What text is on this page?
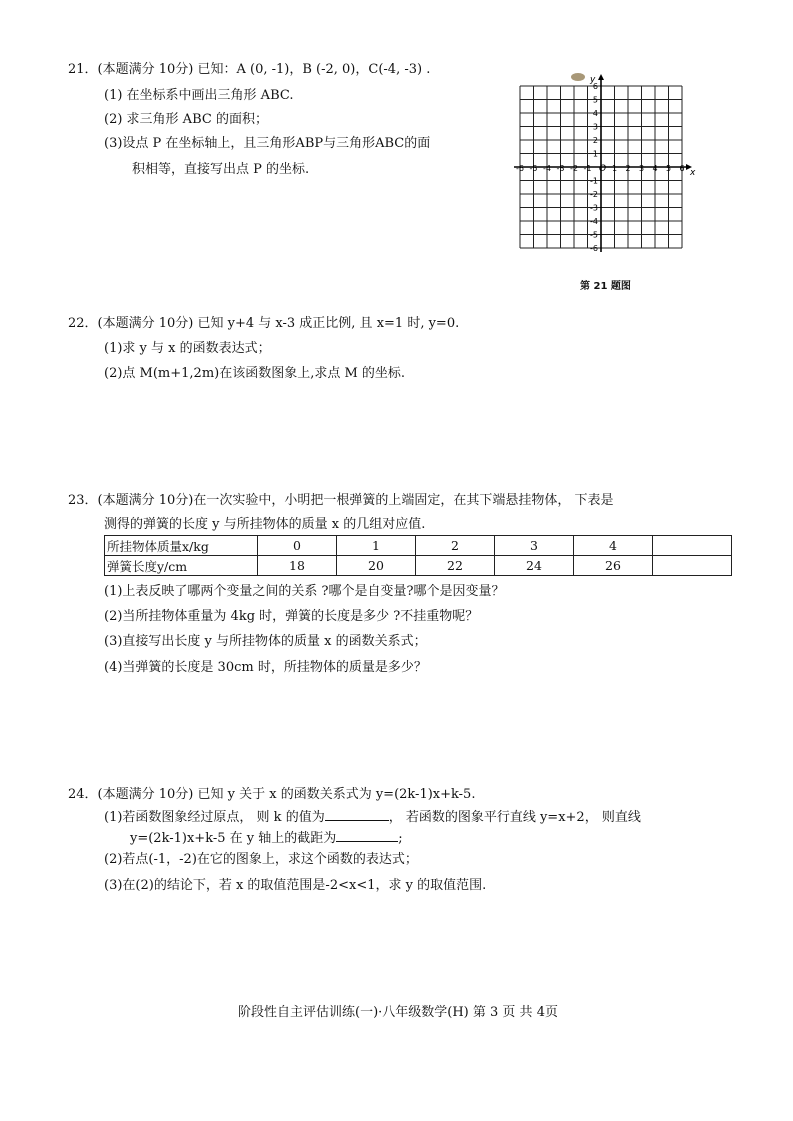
21．(本题满分 10分) 已知：A (0, -1)，B (-2, 0)，C(-4, -3) .
(1) 在坐标系中画出三角形 ABC.
(2) 求三角形 ABC 的面积；
(3)设点 P 在坐标轴上，且三角形ABP与三角形ABC的面
积相等，直接写出点 P 的坐标.	-6 -5 -4 -3 -2 -1	1 2 3 4 5 6
6
5
4
3
2
1
-1
-2
-3
-4
-5
-6
O	x
y
第 21 题图
22．(本题满分 10分) 已知 y+4 与 x-3 成正比例, 且 x=1 时, y=0.
(1)求 y 与 x 的函数表达式；
(2)点 M(m+1,2m)在该函数图象上,求点 M 的坐标.
23．(本题满分 10分)在一次实验中，小明把一根弹簧的上端固定，在其下端悬挂物体， 下表是
测得的弹簧的长度 y 与所挂物体的质量 x 的几组对应值.
所挂物体质量x/kg	0	1	2	3	4	
弹簧长度y/cm	18	20	22	24	26	
(1)上表反映了哪两个变量之间的关系 ?哪个是自变量?哪个是因变量？
(2)当所挂物体重量为 4kg 时，弹簧的长度是多少 ?不挂重物呢？
(3)直接写出长度 y 与所挂物体的质量 x 的函数关系式；
(4)当弹簧的长度是 30cm 时，所挂物体的质量是多少？
24．(本题满分 10分) 已知 y 关于 x 的函数关系式为 y=(2k-1)x+k-5.
(1)若函数图象经过原点， 则 k 的值为	， 若函数的图象平行直线 y=x+2， 则直线
y=(2k-1)x+k-5 在 y 轴上的截距为	;
(2)若点(-1，-2)在它的图象上，求这个函数的表达式；
(3)在(2)的结论下，若 x 的取值范围是-2<x<1，求 y 的取值范围.
阶段性自主评估训练(一)·八年级数学(H) 第 3 页 共 4页
